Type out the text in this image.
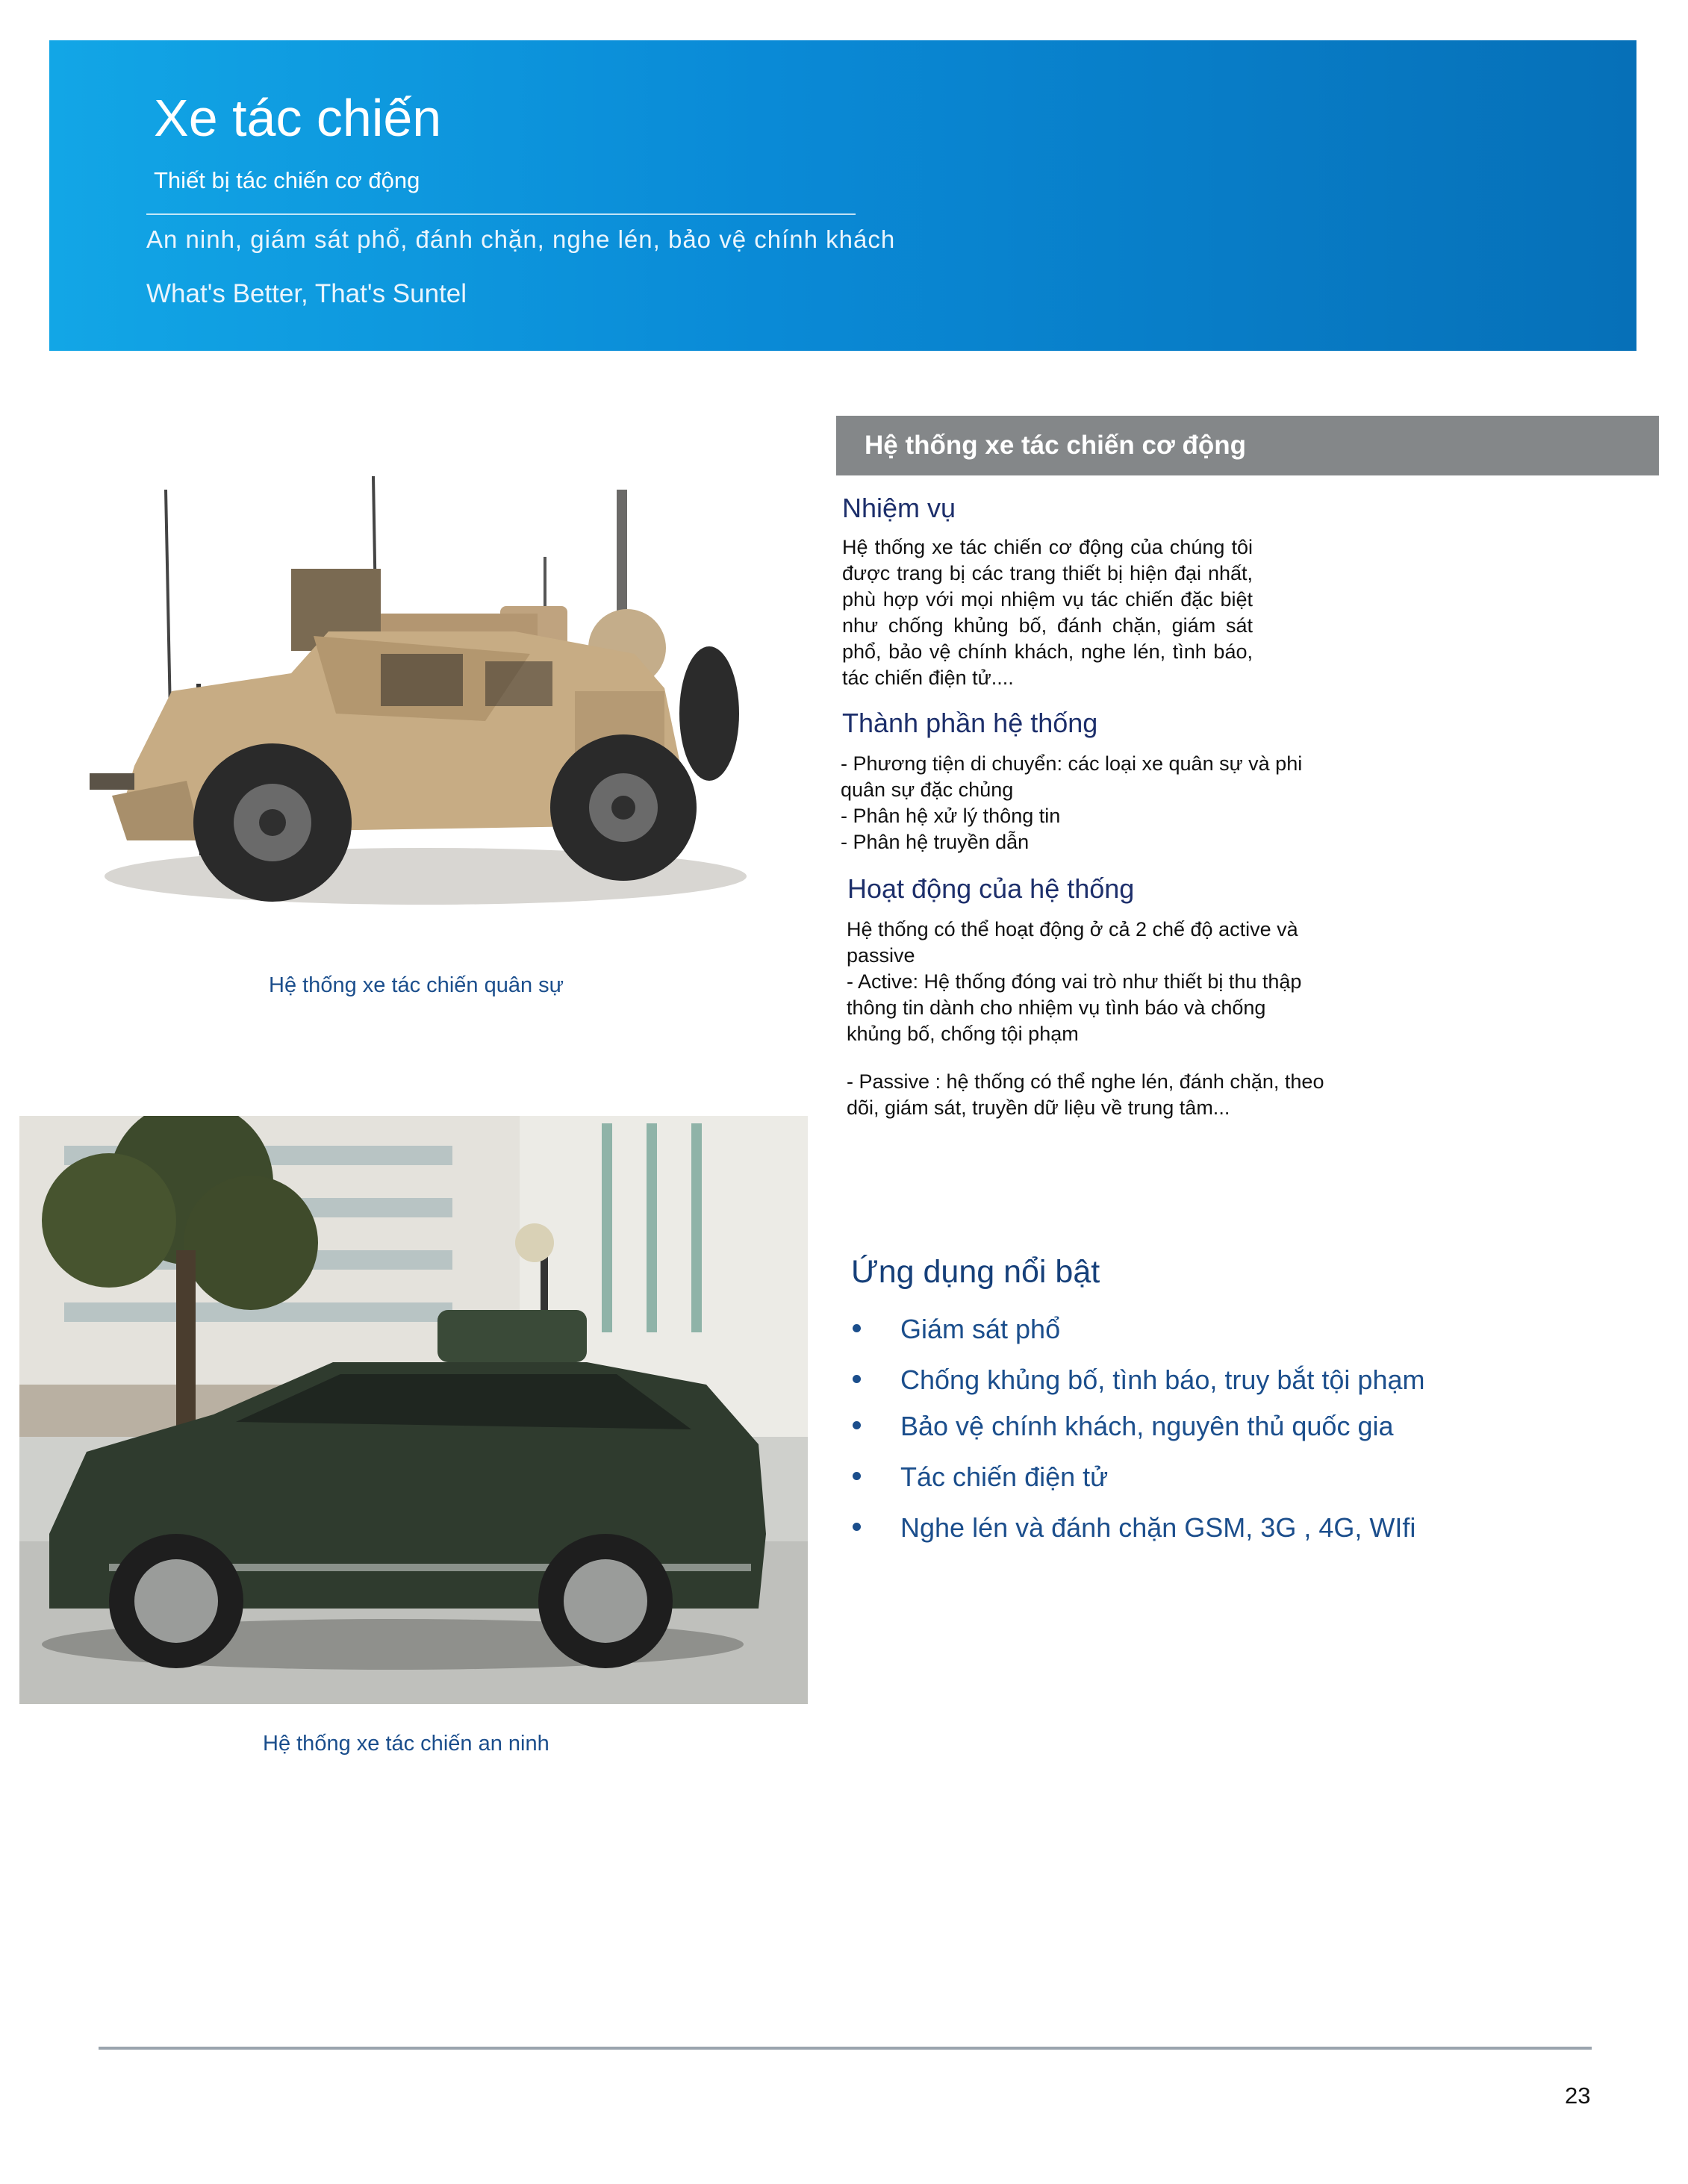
Xe tác chiến
Thiết bị tác chiến cơ động
An ninh, giám sát phổ, đánh chặn, nghe lén, bảo vệ chính khách
What's Better, That's Suntel
Hệ thống xe tác chiến cơ động
Nhiệm vụ
Hệ thống xe tác chiến cơ động của chúng tôi được trang bị các trang thiết bị hiện đại nhất, phù hợp với mọi nhiệm vụ tác chiến đặc biệt như chống khủng bố, đánh chặn, giám sát phổ, bảo vệ chính khách, nghe lén, tình báo, tác chiến điện tử....
Thành phần hệ thống
- Phương tiện di chuyển: các loại xe quân sự và phi quân sự đặc chủng
- Phân hệ xử lý thông tin
- Phân hệ truyền dẫn
Hoạt động của hệ thống
Hệ thống có thể hoạt động ở cả 2 chế độ active và passive
- Active: Hệ thống đóng vai trò như thiết bị thu thập thông tin dành cho nhiệm vụ tình báo và chống khủng bố, chống tội phạm
- Passive : hệ thống có thể nghe lén, đánh chặn, theo dõi, giám sát, truyền dữ liệu về trung tâm...
Hệ thống xe tác chiến quân sự
Hệ thống xe tác chiến an ninh
Ứng dụng nổi bật
Giám sát phổ
Chống khủng bố, tình báo, truy bắt tội phạm
Bảo vệ chính khách, nguyên thủ quốc gia
Tác chiến điện tử
Nghe lén và đánh chặn GSM, 3G , 4G, WIfi
23
